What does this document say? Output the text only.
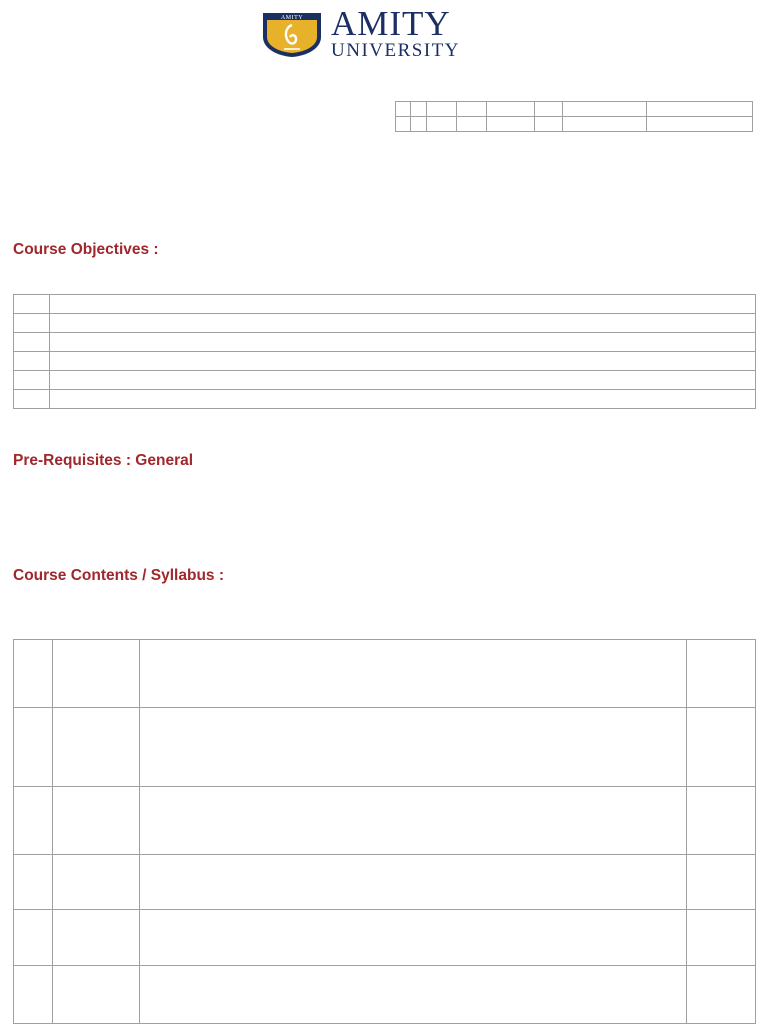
AMITY AMITY
UNIVERSITY

Course Objectives :

Pre-Requisites : General
Course Contents / Syllabus :
